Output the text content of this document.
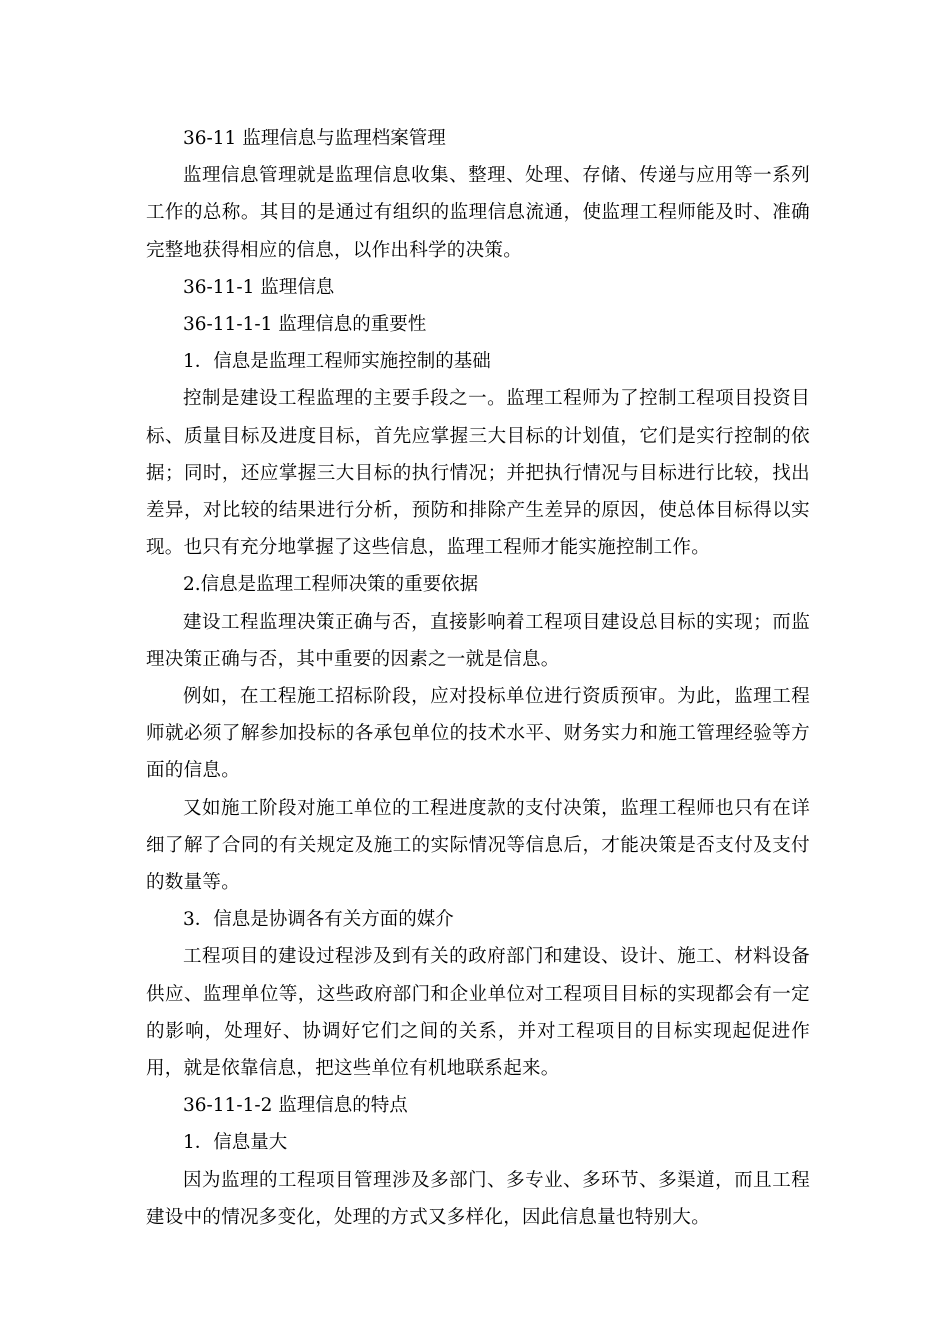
36-11 监理信息与监理档案管理

监理信息管理就是监理信息收集、整理、处理、存储、传递与应用等一系列工作的总称。其目的是通过有组织的监理信息流通，使监理工程师能及时、准确完整地获得相应的信息，以作出科学的决策。

36-11-1 监理信息

36-11-1-1 监理信息的重要性

1．信息是监理工程师实施控制的基础

控制是建设工程监理的主要手段之一。监理工程师为了控制工程项目投资目标、质量目标及进度目标，首先应掌握三大目标的计划值，它们是实行控制的依据；同时，还应掌握三大目标的执行情况；并把执行情况与目标进行比较，找出差异，对比较的结果进行分析，预防和排除产生差异的原因，使总体目标得以实现。也只有充分地掌握了这些信息，监理工程师才能实施控制工作。

2.信息是监理工程师决策的重要依据

建设工程监理决策正确与否，直接影响着工程项目建设总目标的实现；而监理决策正确与否，其中重要的因素之一就是信息。

例如，在工程施工招标阶段，应对投标单位进行资质预审。为此，监理工程师就必须了解参加投标的各承包单位的技术水平、财务实力和施工管理经验等方面的信息。

又如施工阶段对施工单位的工程进度款的支付决策，监理工程师也只有在详细了解了合同的有关规定及施工的实际情况等信息后，才能决策是否支付及支付的数量等。

3．信息是协调各有关方面的媒介

工程项目的建设过程涉及到有关的政府部门和建设、设计、施工、材料设备供应、监理单位等，这些政府部门和企业单位对工程项目目标的实现都会有一定的影响，处理好、协调好它们之间的关系，并对工程项目的目标实现起促进作用，就是依靠信息，把这些单位有机地联系起来。

36-11-1-2 监理信息的特点

1．信息量大

因为监理的工程项目管理涉及多部门、多专业、多环节、多渠道，而且工程建设中的情况多变化，处理的方式又多样化，因此信息量也特别大。
